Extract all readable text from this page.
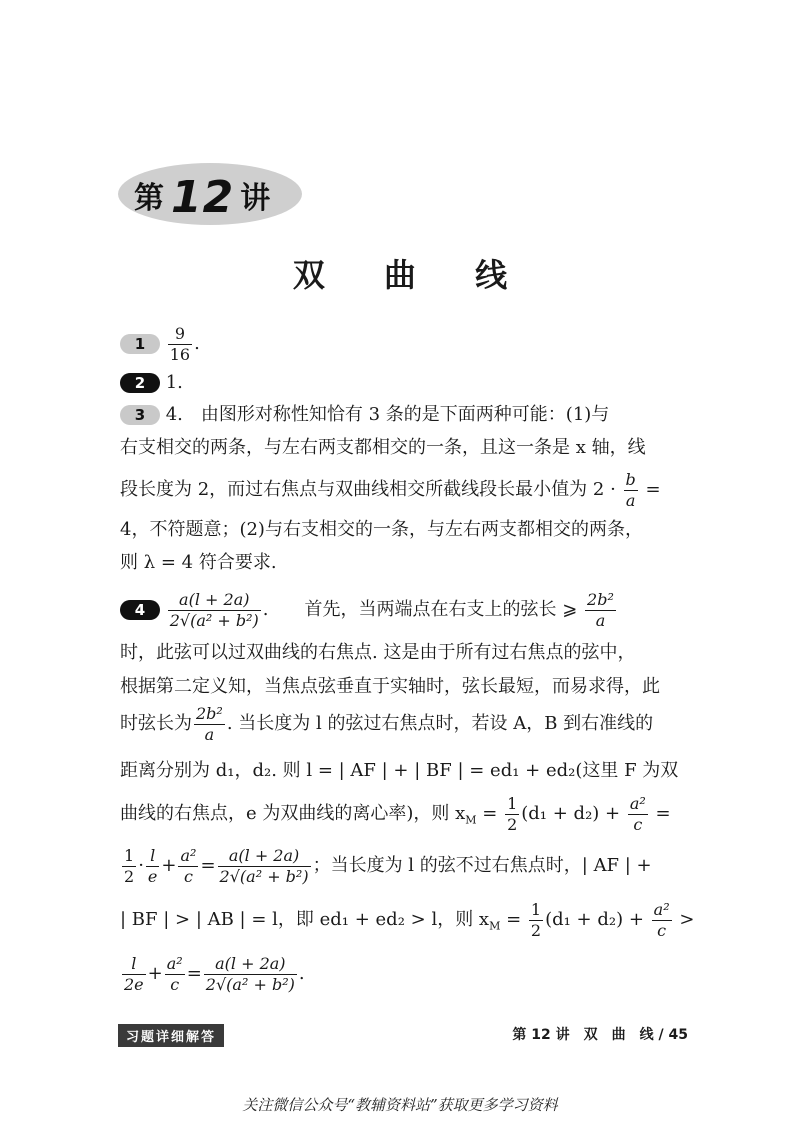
第 12 讲
双 曲 线
$1 \frac{9}{16}$ .
2 1.
3 4.　由图形对称性知恰有 3 条的是下面两种可能：(1)与
右支相交的两条，与左右两支都相交的一条，且这一条是 x 轴，线
段长度为 2，而过右焦点与双曲线相交所截线段长最小值为 $2 \cdot \frac{b}{a}$ =
4，不符题意；(2)与右支相交的一条，与左右两支都相交的两条，
则 λ = 4 符合要求.
$4 \frac{a(l + 2a)}{\text{2√(a² + b²)}}$ .　　首先，当两端点在右支上的弦长 ⩾ $\frac{\text{2b²}}{a}$
时，此弦可以过双曲线的右焦点. 这是由于所有过右焦点的弦中，
根据第二定义知，当焦点弦垂直于实轴时，弦长最短，而易求得，此
时弦长为 $\frac{\text{2b²}}{a}$ . 当长度为 l 的弦过右焦点时，若设 A，B 到右准线的
距离分别为 d₁，d₂. 则 l = | AF | + | BF | = ed₁ + ed₂(这里 F 为双
曲线的右焦点，e 为双曲线的离心率)，则 $x_M = \frac{1}{2} (d_1 + d_2) + \frac{\text{a²}}{c}$ =
$\frac{1}{2} \cdot \frac{l}{e} + \frac{\text{a²}}{c} = \frac{a(l + 2a)}{\text{2√(a² + b²)}}$ ；当长度为 l 的弦不过右焦点时，| AF | +
| BF | > | AB | = l，即 ed₁ + ed₂ > l，则 $x_M = \frac{1}{2} (d_1 + d_2) + \frac{\text{a²}}{c}$ >
$\frac{l}{2e} + \frac{\text{a²}}{c} = \frac{a(l + 2a)}{\text{2√(a² + b²)}}$ .
习题详细解答	第 12 讲　双　曲　线 / 45
关注微信公众号“教辅资料站”获取更多学习资料
